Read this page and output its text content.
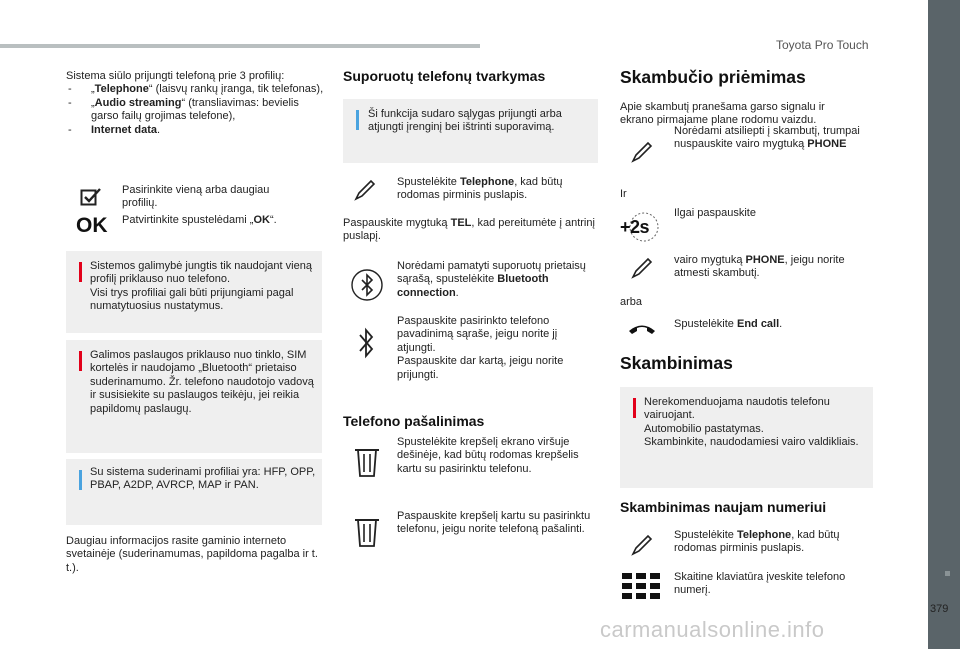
Toyota Pro Touch
379
carmanualsonline.info
Sistema siūlo prijungti telefoną prie 3 profilių:
- „Telephone“ (laisvų rankų įranga, tik telefonas),
- „Audio streaming“ (transliavimas: bevielis garso failų grojimas telefone),
- Internet data.
Pasirinkite vieną arba daugiau profilių.
OK Patvirtinkite spustelėdami „OK“.
Sistemos galimybė jungtis tik naudojant vieną profilį priklauso nuo telefono.
Visi trys profiliai gali būti prijungiami pagal numatytuosius nustatymus.
Galimos paslaugos priklauso nuo tinklo, SIM kortelės ir naudojamo „Bluetooth“ prietaiso suderinamumo. Žr. telefono naudotojo vadovą ir susisiekite su paslaugos teikėju, jei reikia papildomų paslaugų.
Su sistema suderinami profiliai yra: HFP, OPP, PBAP, A2DP, AVRCP, MAP ir PAN.
Daugiau informacijos rasite gaminio interneto svetainėje (suderinamumas, papildoma pagalba ir t. t.).
Suporuotų telefonų tvarkymas
Ši funkcija sudaro sąlygas prijungti arba atjungti įrenginį bei ištrinti suporavimą.
Spustelėkite Telephone, kad būtų rodomas pirminis puslapis.
Paspauskite mygtuką TEL, kad pereitumėte į antrinį puslapį.
Norėdami pamatyti suporuotų prietaisų sąrašą, spustelėkite Bluetooth connection.
Paspauskite pasirinkto telefono pavadinimą sąraše, jeigu norite jį atjungti.
Paspauskite dar kartą, jeigu norite prijungti.
Telefono pašalinimas
Spustelėkite krepšelį ekrano viršuje dešinėje, kad būtų rodomas krepšelis kartu su pasirinktu telefonu.
Paspauskite krepšelį kartu su pasirinktu telefonu, jeigu norite telefoną pašalinti.
Skambučio priėmimas
Apie skambutį pranešama garso signalu ir ekrano pirmajame plane rodomu vaizdu.
Norėdami atsiliepti į skambutį, trumpai nuspauskite vairo mygtuką PHONE
Ir
+2s
Ilgai paspauskite
vairo mygtuką PHONE, jeigu norite atmesti skambutį.
arba
Spustelėkite End call.
Skambinimas
Nerekomenduojama naudotis telefonu vairuojant.
Automobilio pastatymas.
Skambinkite, naudodamiesi vairo valdikliais.
Skambinimas naujam numeriui
Spustelėkite Telephone, kad būtų rodomas pirminis puslapis.
Skaitine klaviatūra įveskite telefono numerį.
